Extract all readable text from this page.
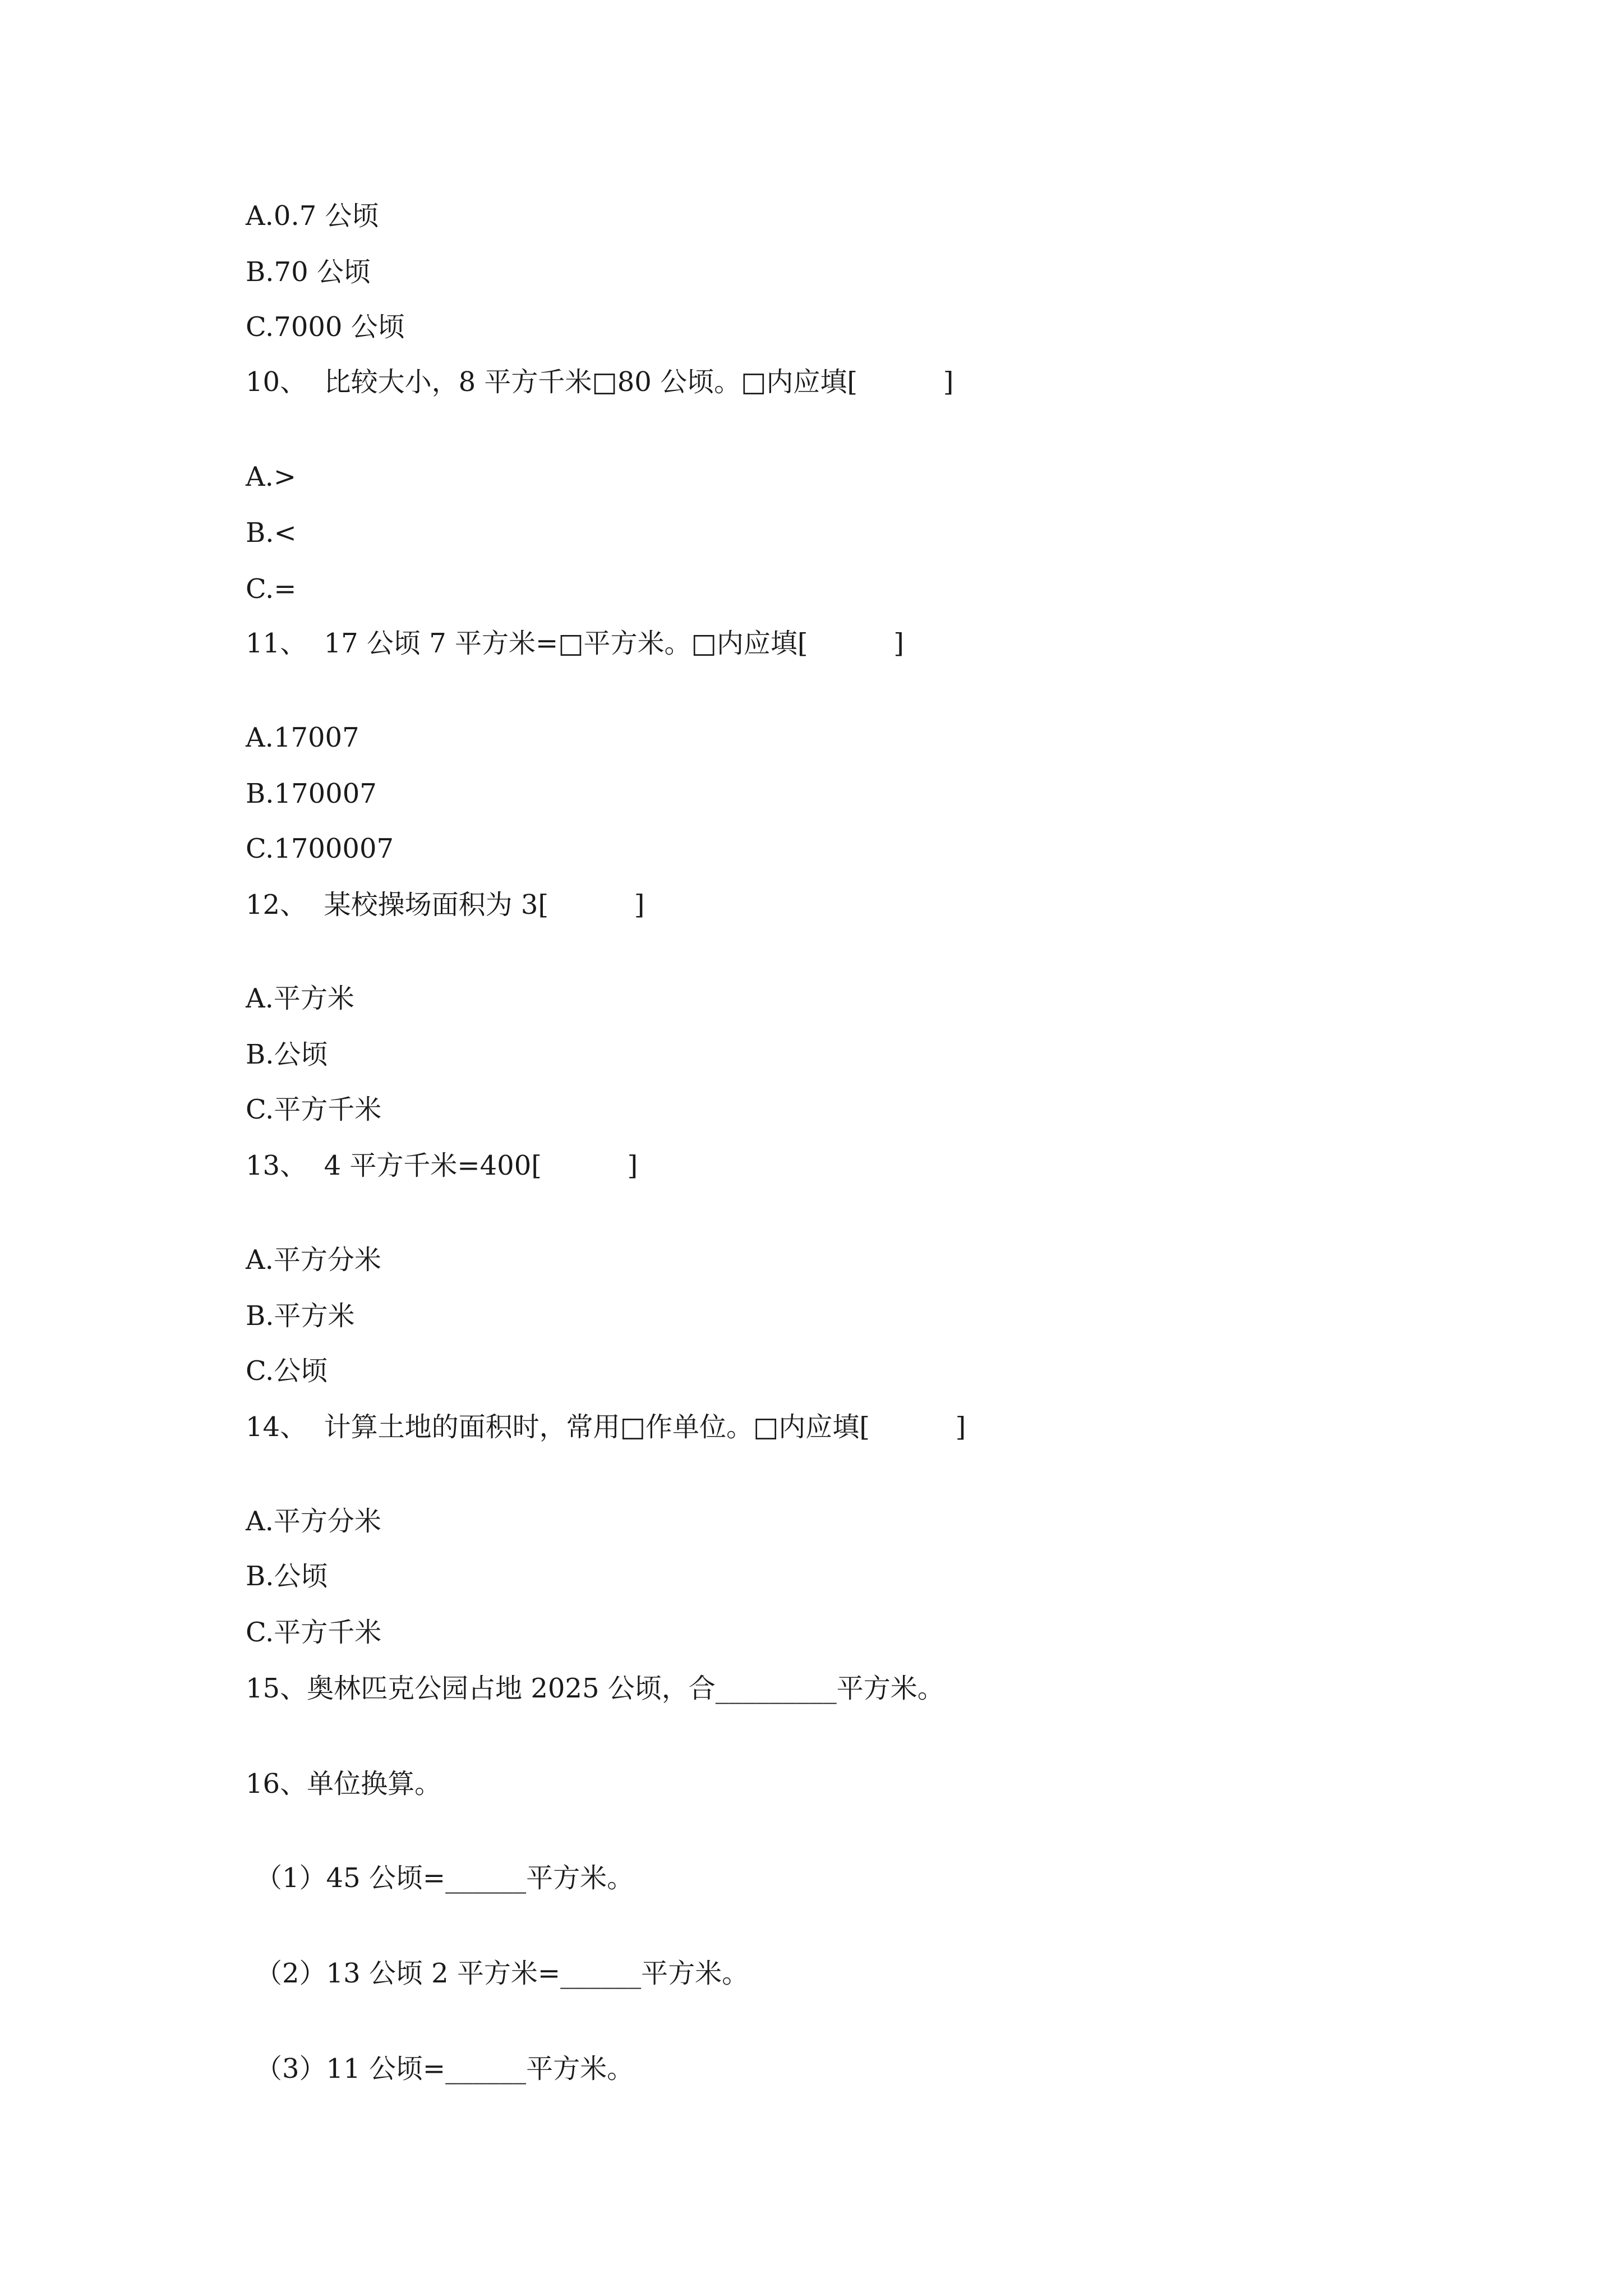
A.0.7 公顷
B.70 公顷
C.7000 公顷
10、  比较大小，8 平方千米□80 公顷。□内应填[          ]
A.>
B.<
C.=
11、  17 公顷 7 平方米=□平方米。□内应填[          ]
A.17007
B.170007
C.1700007
12、  某校操场面积为 3[          ]
A.平方米
B.公顷
C.平方千米
13、  4 平方千米=400[          ]
A.平方分米
B.平方米
C.公顷
14、  计算土地的面积时，常用□作单位。□内应填[          ]
A.平方分米
B.公顷
C.平方千米
15、奥林匹克公园占地 2025 公顷，合_________平方米。
16、单位换算。
（1）45 公顷=______平方米。
（2）13 公顷 2 平方米=______平方米。
（3）11 公顷=______平方米。
